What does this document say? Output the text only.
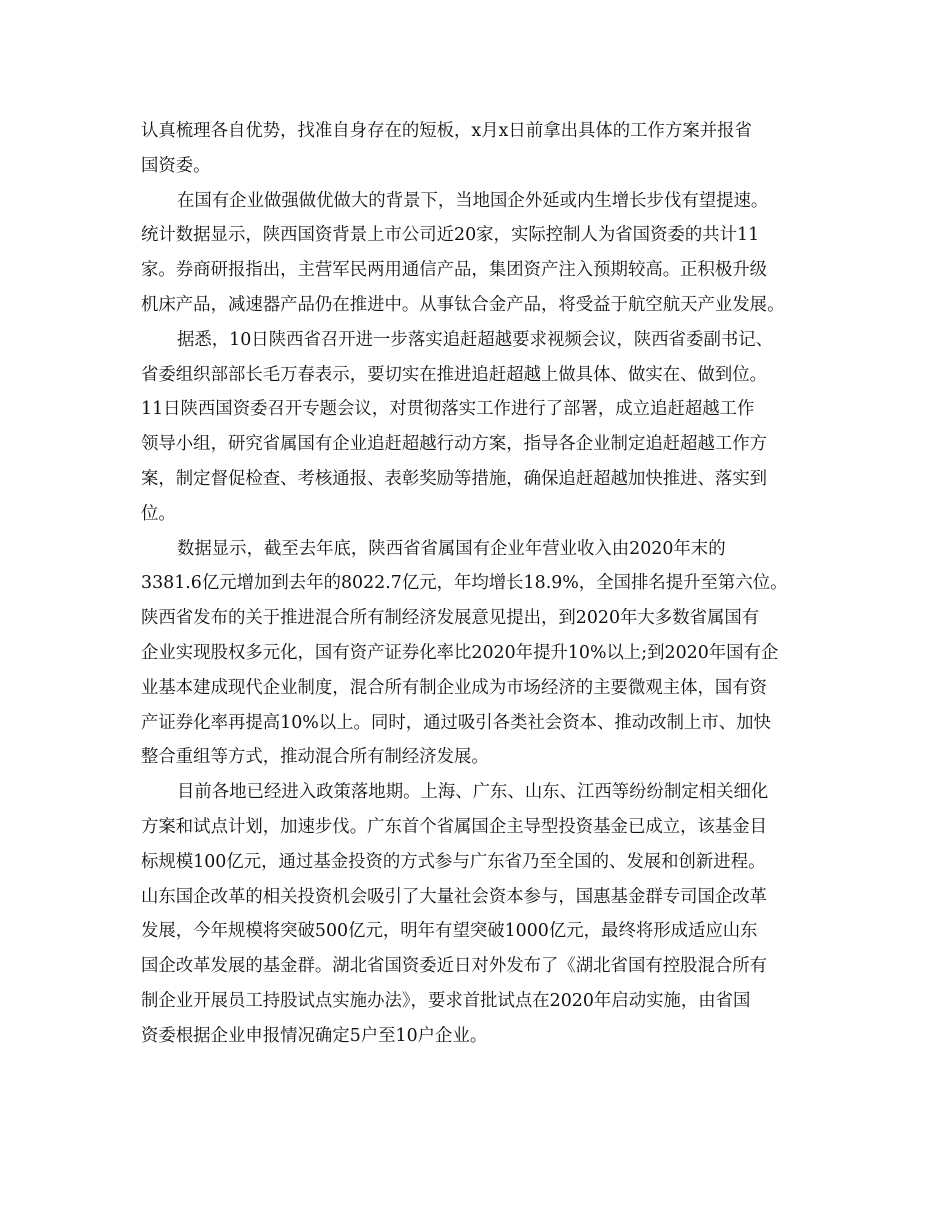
认真梳理各自优势，找准自身存在的短板，x月x日前拿出具体的工作方案并报省
国资委。
在国有企业做强做优做大的背景下，当地国企外延或内生增长步伐有望提速。
统计数据显示，陕西国资背景上市公司近20家，实际控制人为省国资委的共计11
家。券商研报指出，主营军民两用通信产品，集团资产注入预期较高。正积极升级
机床产品，减速器产品仍在推进中。从事钛合金产品，将受益于航空航天产业发展。
据悉，10日陕西省召开进一步落实追赶超越要求视频会议，陕西省委副书记、
省委组织部部长毛万春表示，要切实在推进追赶超越上做具体、做实在、做到位。
11日陕西国资委召开专题会议，对贯彻落实工作进行了部署，成立追赶超越工作
领导小组，研究省属国有企业追赶超越行动方案，指导各企业制定追赶超越工作方
案，制定督促检查、考核通报、表彰奖励等措施，确保追赶超越加快推进、落实到
位。
数据显示，截至去年底，陕西省省属国有企业年营业收入由2020年末的
3381.6亿元增加到去年的8022.7亿元，年均增长18.9%，全国排名提升至第六位。
陕西省发布的关于推进混合所有制经济发展意见提出，到2020年大多数省属国有
企业实现股权多元化，国有资产证券化率比2020年提升10%以上;到2020年国有企
业基本建成现代企业制度，混合所有制企业成为市场经济的主要微观主体，国有资
产证券化率再提高10%以上。同时，通过吸引各类社会资本、推动改制上市、加快
整合重组等方式，推动混合所有制经济发展。
目前各地已经进入政策落地期。上海、广东、山东、江西等纷纷制定相关细化
方案和试点计划，加速步伐。广东首个省属国企主导型投资基金已成立，该基金目
标规模100亿元，通过基金投资的方式参与广东省乃至全国的、发展和创新进程。
山东国企改革的相关投资机会吸引了大量社会资本参与，国惠基金群专司国企改革
发展，今年规模将突破500亿元，明年有望突破1000亿元，最终将形成适应山东
国企改革发展的基金群。湖北省国资委近日对外发布了《湖北省国有控股混合所有
制企业开展员工持股试点实施办法》，要求首批试点在2020年启动实施，由省国
资委根据企业申报情况确定5户至10户企业。
